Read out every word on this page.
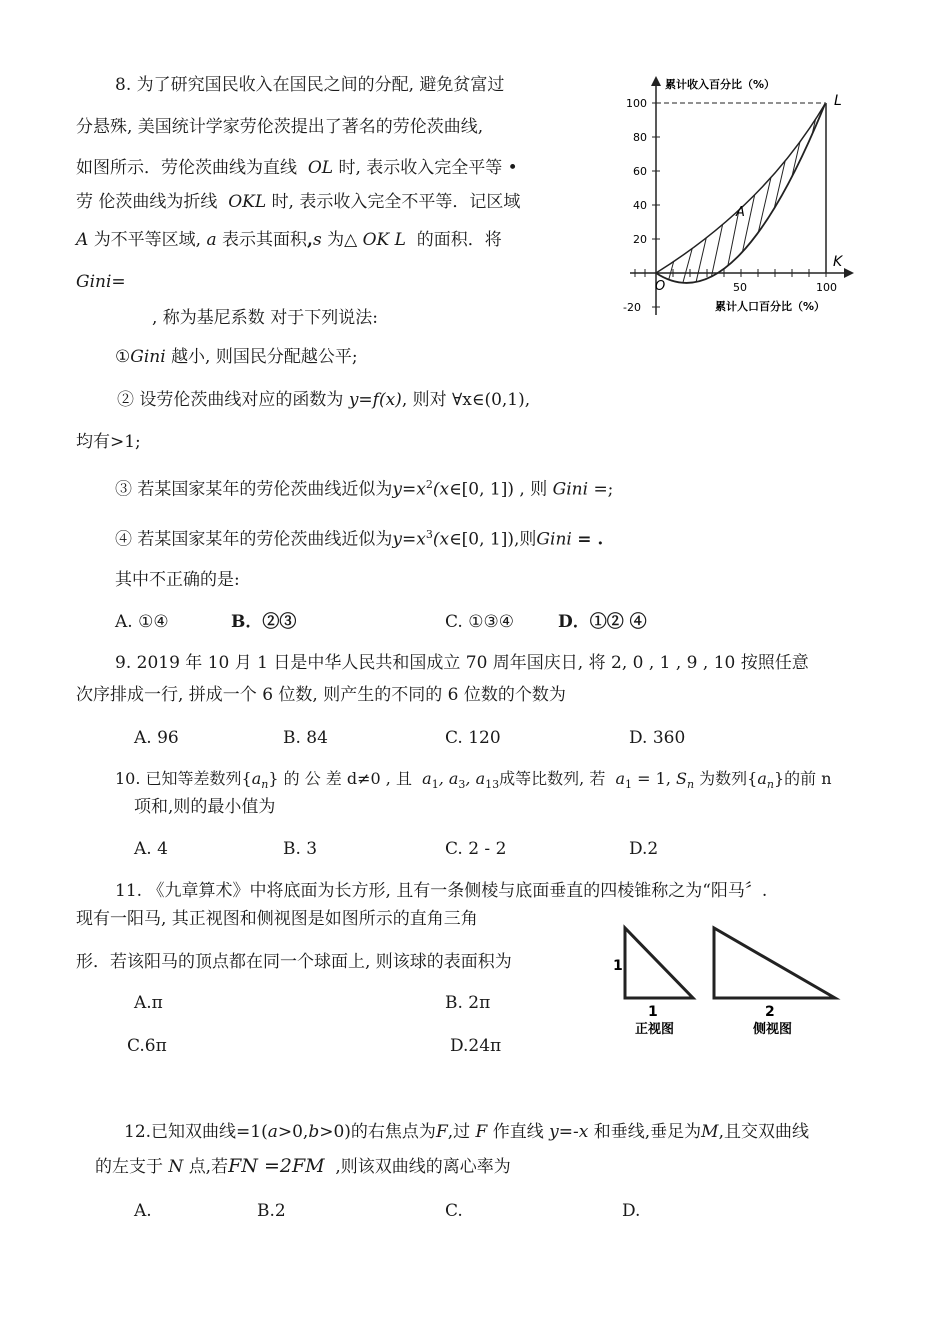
8. 为了研究国民收入在国民之间的分配, 避免贫富过
分悬殊, 美国统计学家劳伦茨提出了著名的劳伦茨曲线,
如图所示．劳伦茨曲线为直线 OL 时, 表示收入完全平等 •
劳 伦茨曲线为折线 OKL 时, 表示收入完全不平等．记区域
A 为不平等区域, a 表示其面积,s 为△ OK L 的面积．将
Gini=
, 称为基尼系数 对于下列说法:
①Gini 越小, 则国民分配越公平;
② 设劳伦茨曲线对应的函数为 y=f(x), 则对 ∀x∈(0,1),
均有>1;
③ 若某国家某年的劳伦茨曲线近似为$y=x^2(x\in[0$, 1]) , 则 Gini =;
④ 若某国家某年的劳伦茨曲线近似为$y=x^3(x\in[0$, 1]),则Gini = .
其中不正确的是:
A. ①④	B．②③	C. ①③④	D．①② ④
累计收入百分比（%）
累计人口百分比（%）
100
80
60
40
20
-20
50	100
O
L
K
A
9. 2019 年 10 月 1 日是中华人民共和国成立 70 周年国庆日, 将 2, 0 , 1 , 9 , 10 按照任意
次序排成一行, 拼成一个 6 位数, 则产生的不同的 6 位数的个数为
A. 96	B. 84	C. 120	D. 360
10. 已知等差数列$\{a_n\}$ 的 公 差 d≠0 , 且 $a_1$, $a_3$, $a_{13}$成等比数列, 若 $a_1 = 1$, $S_n$ 为数列$\{a_n\}$的前 n
项和,则的最小值为
A. 4	B. 3	C. 2 - 2	D.2
11. 《九章算术》中将底面为长方形, 且有一条侧棱与底面垂直的四棱锥称之为“阳马〞.
现有一阳马, 其正视图和侧视图是如图所示的直角三角
形．若该阳马的顶点都在同一个球面上, 则该球的表面积为
A.π	B. 2π
C.6π	D.24π
1
1	2
正视图	侧视图
12.已知双曲线=1(a>0,b>0)的右焦点为F,过 F 作直线 y=-x 和垂线,垂足为M,且交双曲线
的左支于 N 点,若FN =2FM ,则该双曲线的离心率为
A.	B.2	C.	D.
